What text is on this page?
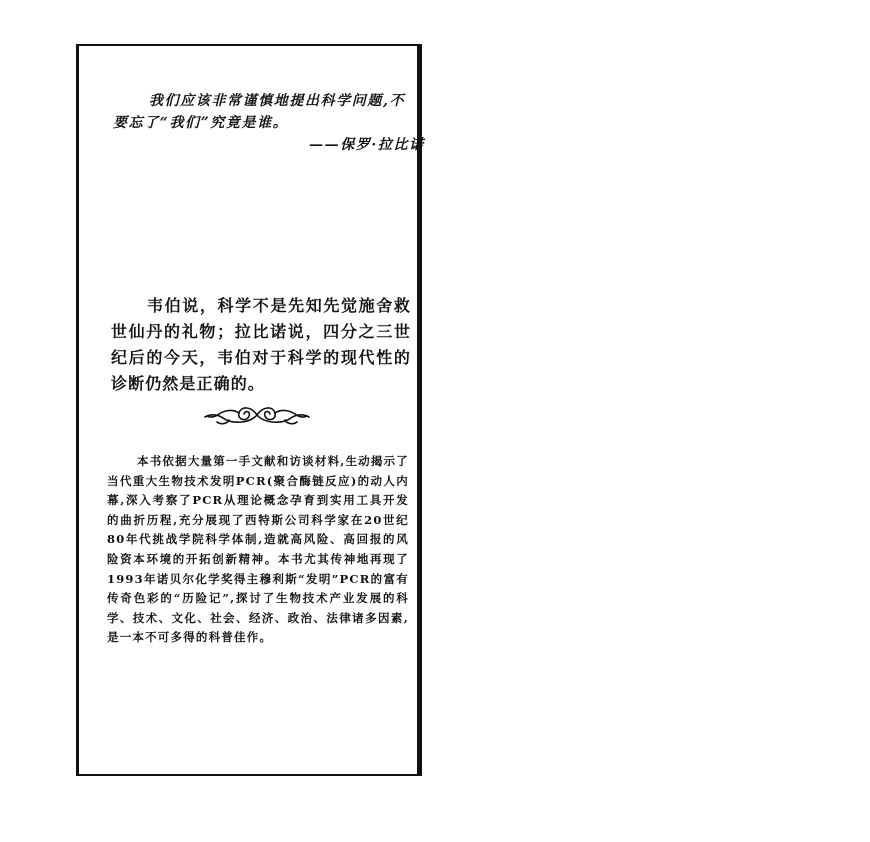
我们应该非常谨慎地提出科学问题,不要忘了“我们”究竟是谁。

——保罗·拉比诺

韦伯说，科学不是先知先觉施舍救世仙丹的礼物；拉比诺说，四分之三世纪后的今天，韦伯对于科学的现代性的诊断仍然是正确的。

本书依据大量第一手文献和访谈材料,生动揭示了当代重大生物技术发明PCR(聚合酶链反应)的动人内幕,深入考察了PCR从理论概念孕育到实用工具开发的曲折历程,充分展现了西特斯公司科学家在20世纪80年代挑战学院科学体制,造就高风险、高回报的风险资本环境的开拓创新精神。本书尤其传神地再现了1993年诺贝尔化学奖得主穆利斯“发明”PCR的富有传奇色彩的“历险记”,探讨了生物技术产业发展的科学、技术、文化、社会、经济、政治、法律诸多因素,是一本不可多得的科普佳作。
